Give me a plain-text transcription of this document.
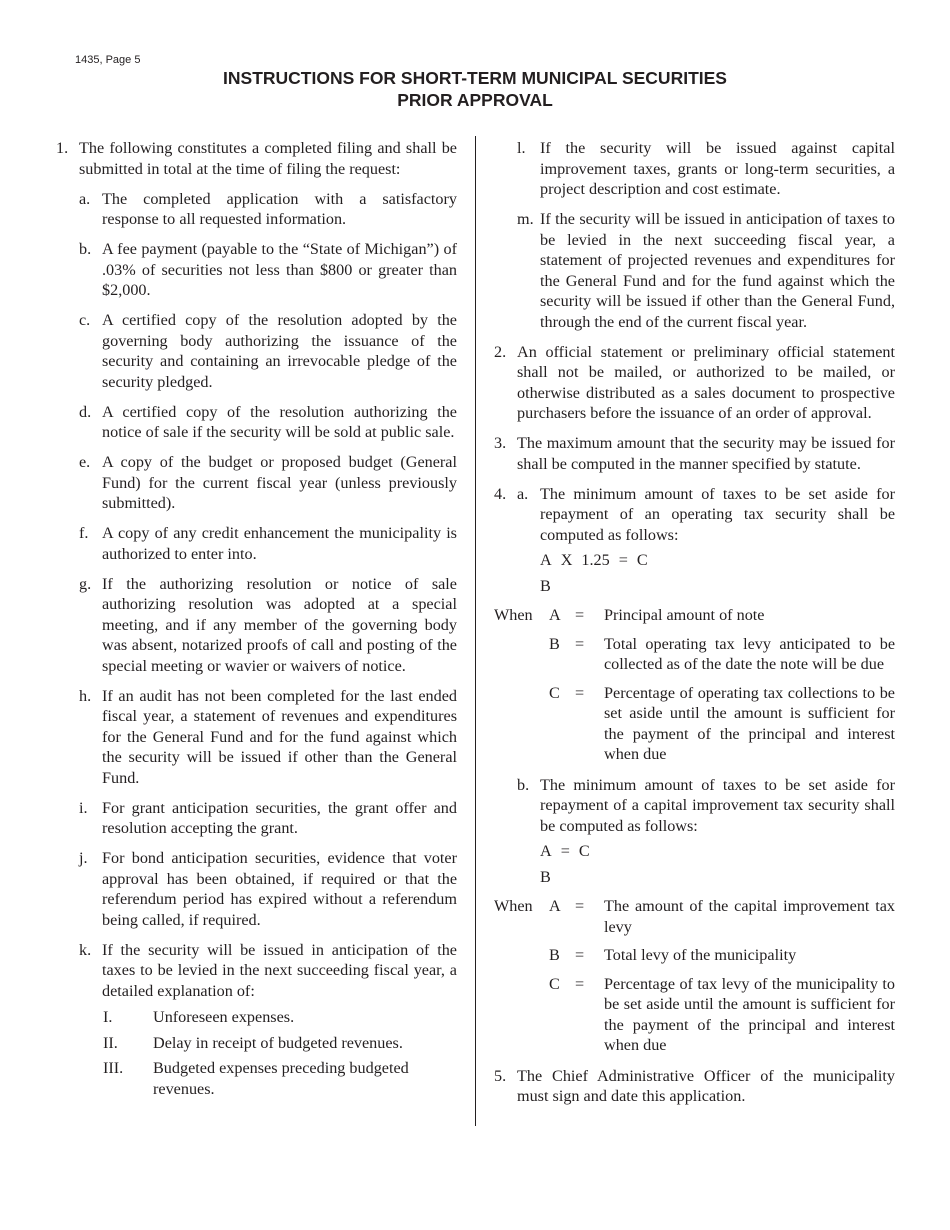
1435, Page 5
INSTRUCTIONS FOR SHORT-TERM MUNICIPAL SECURITIES
PRIOR APPROVAL
1. The following constitutes a completed filing and shall be submitted in total at the time of filing the request:
a. The completed application with a satisfactory response to all requested information.
b. A fee payment (payable to the “State of Michigan”) of .03% of securities not less than $800 or greater than $2,000.
c. A certified copy of the resolution adopted by the governing body authorizing the issuance of the security and containing an irrevocable pledge of the security pledged.
d. A certified copy of the resolution authorizing the notice of sale if the security will be sold at public sale.
e. A copy of the budget or proposed budget (General Fund) for the current fiscal year (unless previously submitted).
f. A copy of any credit enhancement the municipality is authorized to enter into.
g. If the authorizing resolution or notice of sale authorizing resolution was adopted at a special meeting, and if any member of the governing body was absent, notarized proofs of call and posting of the special meeting or wavier or waivers of notice.
h. If an audit has not been completed for the last ended fiscal year, a statement of revenues and expenditures for the General Fund and for the fund against which the security will be issued if other than the General Fund.
i. For grant anticipation securities, the grant offer and resolution accepting the grant.
j. For bond anticipation securities, evidence that voter approval has been obtained, if required or that the referendum period has expired without a referendum being called, if required.
k. If the security will be issued in anticipation of the taxes to be levied in the next succeeding fiscal year, a detailed explanation of:
I.	Unforeseen expenses.
II.	Delay in receipt of budgeted revenues.
III.	Budgeted expenses preceding budgeted revenues.
l. If the security will be issued against capital improvement taxes, grants or long-term securities, a project description and cost estimate.
m. If the security will be issued in anticipation of taxes to be levied in the next succeeding fiscal year, a statement of projected revenues and expenditures for the General Fund and for the fund against which the security will be issued if other than the General Fund, through the end of the current fiscal year.
2. An official statement or preliminary official statement shall not be mailed, or authorized to be mailed, or otherwise distributed as a sales document to prospective purchasers before the issuance of an order of approval.
3. The maximum amount that the security may be issued for shall be computed in the manner specified by statute.
4. a. The minimum amount of taxes to be set aside for repayment of an operating tax security shall be computed as follows:
A X 1.25 = C
B
When	A =	Principal amount of note
B =	Total operating tax levy anticipated to be collected as of the date the note will be due
C =	Percentage of operating tax collections to be set aside until the amount is sufficient for the payment of the principal and interest when due
b. The minimum amount of taxes to be set aside for repayment of a capital improvement tax security shall be computed as follows:
A = C
B
When	A =	The amount of the capital improvement tax levy
B =	Total levy of the municipality
C =	Percentage of tax levy of the municipality to be set aside until the amount is sufficient for the payment of the principal and interest when due
5. The Chief Administrative Officer of the municipality must sign and date this application.
